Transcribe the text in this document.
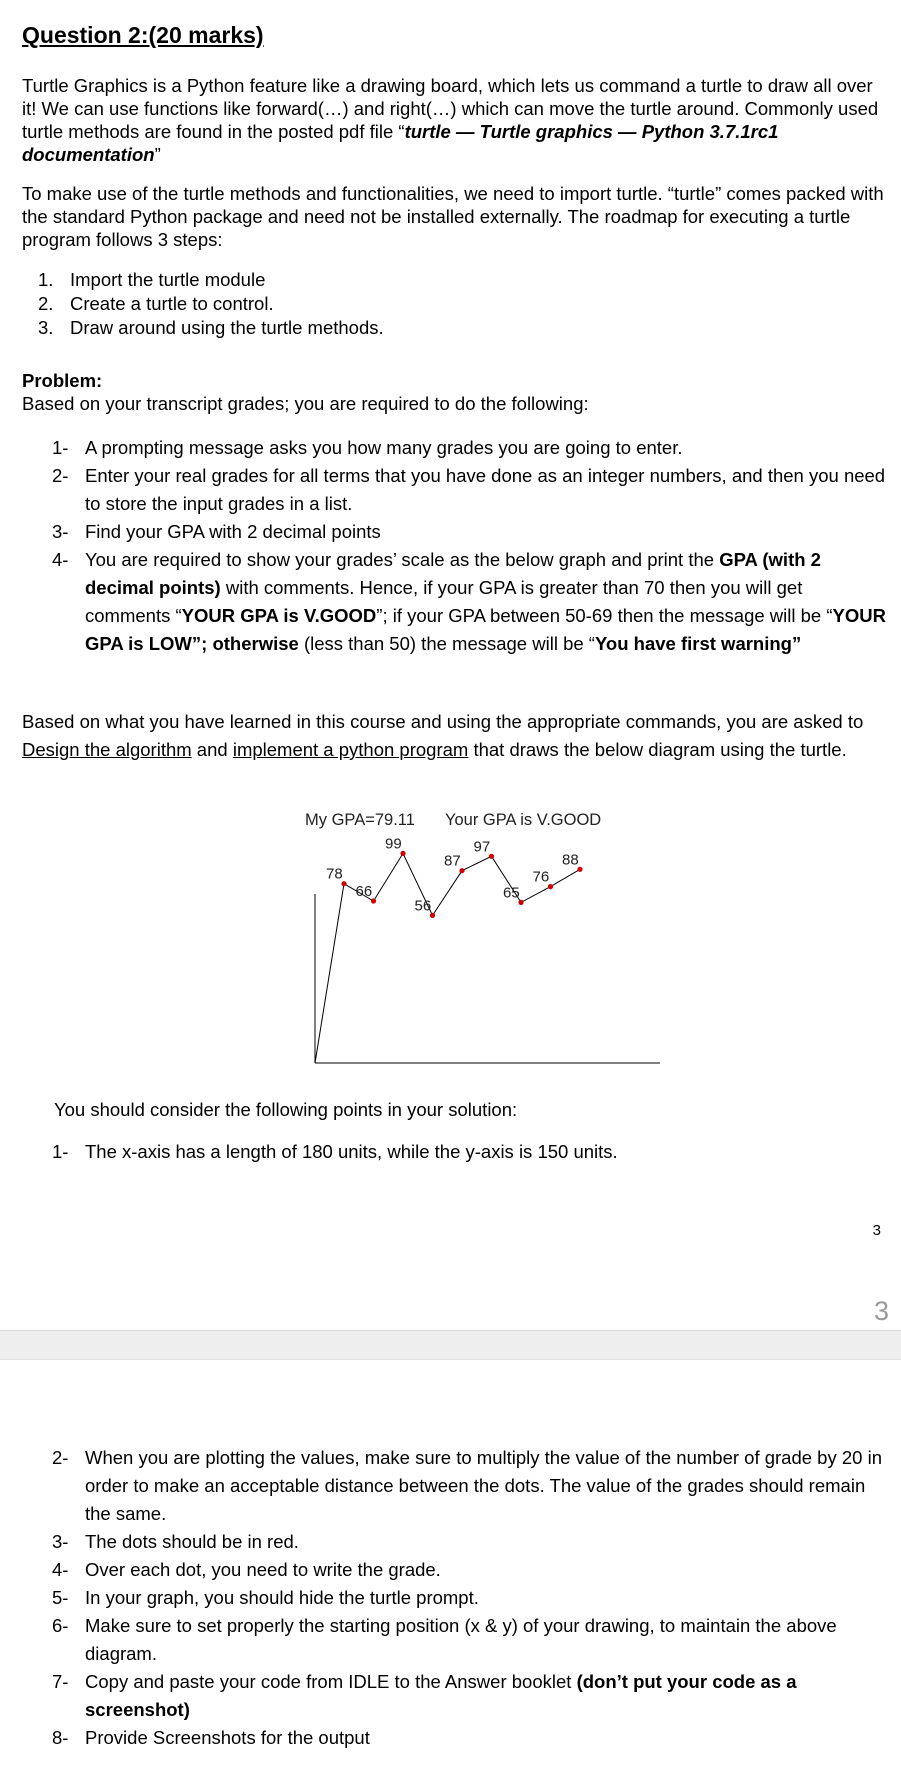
Question 2:(20 marks)

Turtle Graphics is a Python feature like a drawing board, which lets us command a turtle to draw all over it! We can use functions like forward(…) and right(…) which can move the turtle around. Commonly used turtle methods are found in the posted pdf file “turtle — Turtle graphics — Python 3.7.1rc1 documentation”

To make use of the turtle methods and functionalities, we need to import turtle. “turtle” comes packed with the standard Python package and need not be installed externally. The roadmap for executing a turtle program follows 3 steps:

1. Import the turtle module
2. Create a turtle to control.
3. Draw around using the turtle methods.

Problem:

Based on your transcript grades; you are required to do the following:

1- A prompting message asks you how many grades you are going to enter.
2- Enter your real grades for all terms that you have done as an integer numbers, and then you need to store the input grades in a list.
3- Find your GPA with 2 decimal points
4- You are required to show your grades’ scale as the below graph and print the GPA (with 2 decimal points) with comments. Hence, if your GPA is greater than 70 then you will get comments “YOUR GPA is V.GOOD”; if your GPA between 50-69 then the message will be “YOUR GPA is LOW”; otherwise (less than 50) the message will be “You have first warning”

Based on what you have learned in this course and using the appropriate commands, you are asked to Design the algorithm and implement a python program that draws the below diagram using the turtle.

My GPA=79.11 Your GPA is V.GOOD
78
66
99
56
87
97
65
76
88

You should consider the following points in your solution:

1- The x-axis has a length of 180 units, while the y-axis is 150 units.
3
3
2- When you are plotting the values, make sure to multiply the value of the number of grade by 20 in order to make an acceptable distance between the dots. The value of the grades should remain the same.
3- The dots should be in red.
4- Over each dot, you need to write the grade.
5- In your graph, you should hide the turtle prompt.
6- Make sure to set properly the starting position (x & y) of your drawing, to maintain the above diagram.
7- Copy and paste your code from IDLE to the Answer booklet (don’t put your code as a screenshot)
8- Provide Screenshots for the output
